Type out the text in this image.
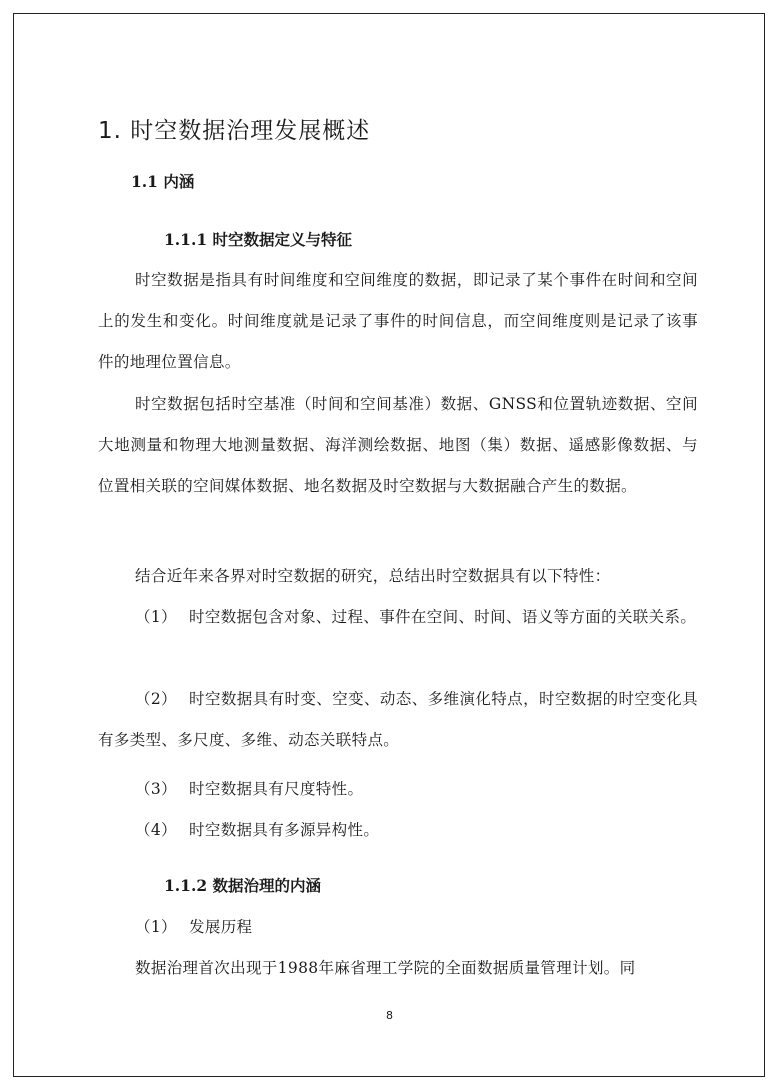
1. 时空数据治理发展概述
1.1 内涵
1.1.1 时空数据定义与特征

时空数据是指具有时间维度和空间维度的数据，即记录了某个事件在时间和空间上的发生和变化。时间维度就是记录了事件的时间信息，而空间维度则是记录了该事件的地理位置信息。

时空数据包括时空基准（时间和空间基准）数据、GNSS和位置轨迹数据、空间大地测量和物理大地测量数据、海洋测绘数据、地图（集）数据、遥感影像数据、与位置相关联的空间媒体数据、地名数据及时空数据与大数据融合产生的数据。

结合近年来各界对时空数据的研究，总结出时空数据具有以下特性：

（1） 时空数据包含对象、过程、事件在空间、时间、语义等方面的关联关系。

（2） 时空数据具有时变、空变、动态、多维演化特点，时空数据的时空变化具有多类型、多尺度、多维、动态关联特点。

（3） 时空数据具有尺度特性。

（4） 时空数据具有多源异构性。

1.1.2 数据治理的内涵

（1） 发展历程

数据治理首次出现于1988年麻省理工学院的全面数据质量管理计划。同

8
